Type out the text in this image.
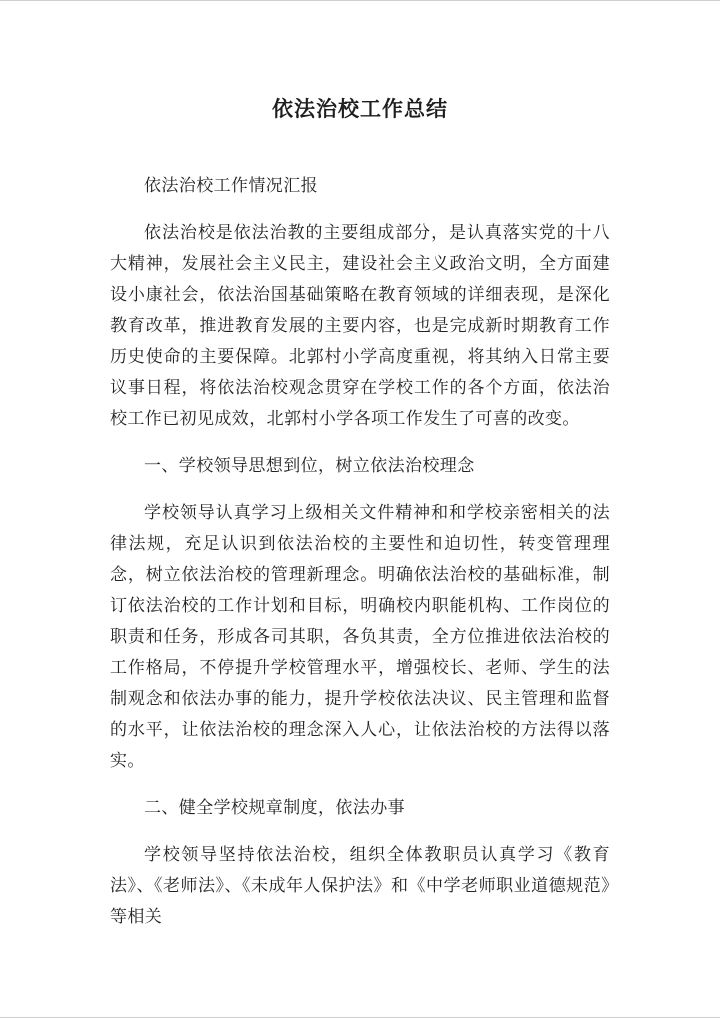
依法治校工作总结

依法治校工作情况汇报

依法治校是依法治教的主要组成部分，是认真落实党的十八大精神，发展社会主义民主，建设社会主义政治文明，全方面建设小康社会，依法治国基础策略在教育领域的详细表现，是深化教育改革，推进教育发展的主要内容，也是完成新时期教育工作历史使命的主要保障。北郭村小学高度重视，将其纳入日常主要议事日程，将依法治校观念贯穿在学校工作的各个方面，依法治校工作已初见成效，北郭村小学各项工作发生了可喜的改变。

一、学校领导思想到位，树立依法治校理念

学校领导认真学习上级相关文件精神和和学校亲密相关的法律法规，充足认识到依法治校的主要性和迫切性，转变管理理念，树立依法治校的管理新理念。明确依法治校的基础标准，制订依法治校的工作计划和目标，明确校内职能机构、工作岗位的职责和任务，形成各司其职，各负其责，全方位推进依法治校的工作格局，不停提升学校管理水平，增强校长、老师、学生的法制观念和依法办事的能力，提升学校依法决议、民主管理和监督的水平，让依法治校的理念深入人心，让依法治校的方法得以落实。

二、健全学校规章制度，依法办事

学校领导坚持依法治校，组织全体教职员认真学习《教育法》、《老师法》、《未成年人保护法》和《中学老师职业道德规范》等相关
